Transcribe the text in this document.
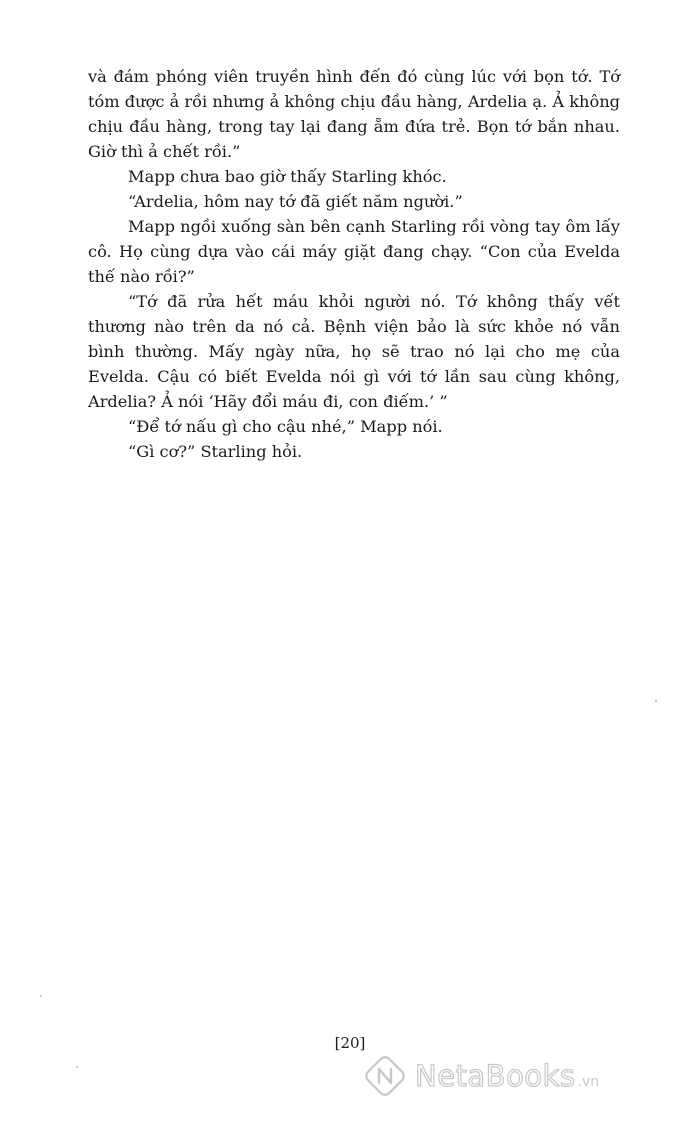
và đám phóng viên truyền hình đến đó cùng lúc với bọn tớ. Tớ tóm được ả rồi nhưng ả không chịu đầu hàng, Ardelia ạ. Ả không chịu đầu hàng, trong tay lại đang ẵm đứa trẻ. Bọn tớ bắn nhau. Giờ thì ả chết rồi.”

Mapp chưa bao giờ thấy Starling khóc.

“Ardelia, hôm nay tớ đã giết năm người.”

Mapp ngồi xuống sàn bên cạnh Starling rồi vòng tay ôm lấy cô. Họ cùng dựa vào cái máy giặt đang chạy. “Con của Evelda thế nào rồi?”

“Tớ đã rửa hết máu khỏi người nó. Tớ không thấy vết thương nào trên da nó cả. Bệnh viện bảo là sức khỏe nó vẫn bình thường. Mấy ngày nữa, họ sẽ trao nó lại cho mẹ của Evelda. Cậu có biết Evelda nói gì với tớ lần sau cùng không, Ardelia? Ả nói ‘Hãy đổi máu đi, con điếm.’ ”

“Để tớ nấu gì cho cậu nhé,” Mapp nói.

“Gì cơ?” Starling hỏi.

[20]
NetaBooks .vn
